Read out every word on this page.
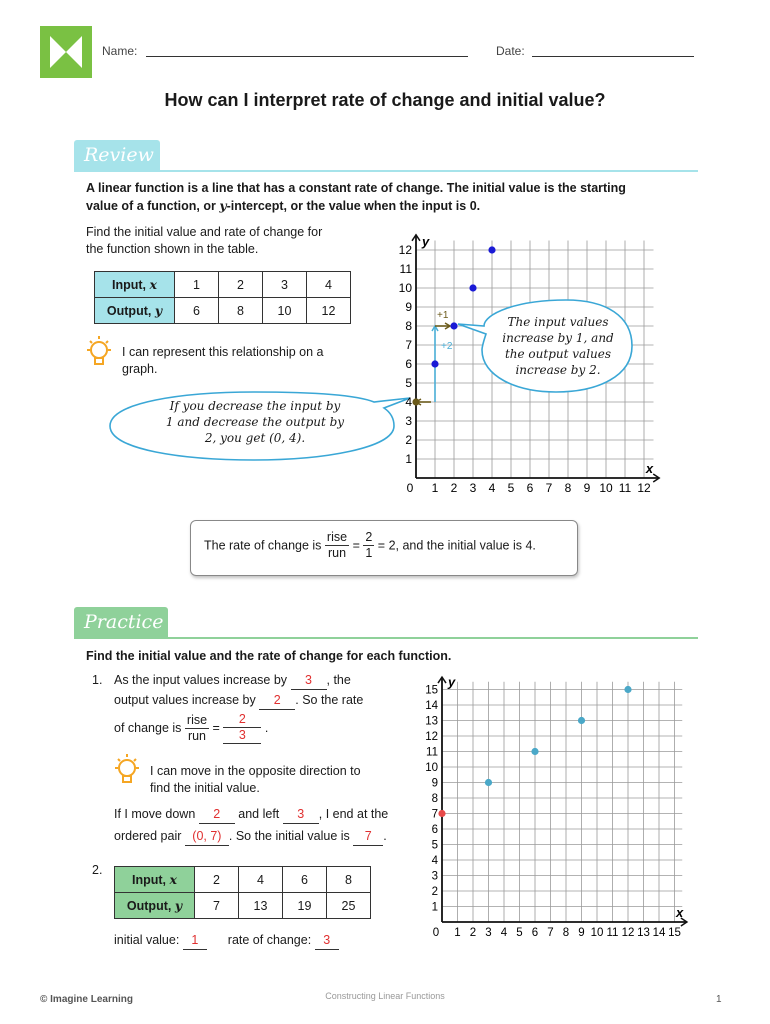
Name:	Date:
How can I interpret rate of change and initial value?
Review
A linear function is a line that has a constant rate of change. The initial value is the starting
value of a function, or y-intercept, or the value when the input is 0.
Find the initial value and rate of change for
the function shown in the table.
Input, x	1	2	3	4
Output, y	6	8	10	12
I can represent this relationship on a
graph.
If you decrease the input by
1 and decrease the output by
2, you get (0, 4).
y
x
0 1 2 3 4 5 6 7 8 9 10 11 12
1
2
3
4
5
6
7
8
9
10
11
12
+2
+1	The input values
increase by 1, and
the output values
increase by 2.
The rate of change is $\frac{\text{rise}}{\text{run}} = \frac{2}{1} = 2$, and the initial value is 4.
Practice
Find the initial value and the rate of change for each function.
1. As the input values increase by 3 , the
output values increase by 2 . So the rate
of change is $\frac{\text{rise}}{\text{run}} = \frac{2}{3}$ .
I can move in the opposite direction to
find the initial value.
If I move down 2 and left 3 , I end at the
ordered pair (0, 7) . So the initial value is 7 .
2.
Input, x	2	4	6	8
Output, y	7	13	19	25
initial value: 1 rate of change: 3
y
x
0 1 2 3 4 5 6 7 8 9 10 11 12 13 14 15
1
2
3
4
5
6
7
8
9
10
11
12
13
14
15
© Imagine Learning	Constructing Linear Functions	1
